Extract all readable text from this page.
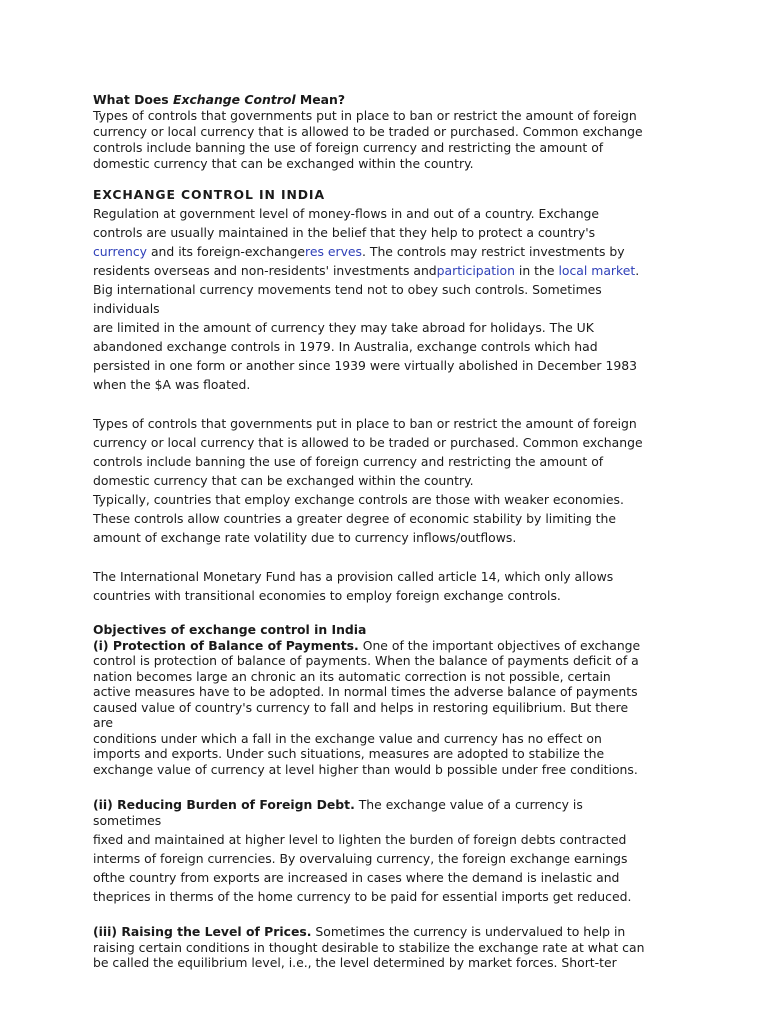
What Does Exchange Control Mean?
Types of controls that governments put in place to ban or restrict the amount of foreign
currency or local currency that is allowed to be traded or purchased. Common exchange
controls include banning the use of foreign currency and restricting the amount of
domestic currency that can be exchanged within the country.
EXCHANGE CONTROL IN INDIA
Regulation at government level of money-flows in and out of a country. Exchange
controls are usually maintained in the belief that they help to protect a country's
currency and its foreign-exchangeres erves. The controls may restrict investments by
residents overseas and non-residents' investments andparticipation in the local market.
Big international currency movements tend not to obey such controls. Sometimes
individuals
are limited in the amount of currency they may take abroad for holidays. The UK
abandoned exchange controls in 1979. In Australia, exchange controls which had
persisted in one form or another since 1939 were virtually abolished in December 1983
when the $A was floated.
Types of controls that governments put in place to ban or restrict the amount of foreign
currency or local currency that is allowed to be traded or purchased. Common exchange
controls include banning the use of foreign currency and restricting the amount of
domestic currency that can be exchanged within the country.
Typically, countries that employ exchange controls are those with weaker economies.
These controls allow countries a greater degree of economic stability by limiting the
amount of exchange rate volatility due to currency inflows/outflows.
The International Monetary Fund has a provision called article 14, which only allows
countries with transitional economies to employ foreign exchange controls.
Objectives of exchange control in India
(i) Protection of Balance of Payments. One of the important objectives of exchange
control is protection of balance of payments. When the balance of payments deficit of a
nation becomes large an chronic an its automatic correction is not possible, certain
active measures have to be adopted. In normal times the adverse balance of payments
caused value of country's currency to fall and helps in restoring equilibrium. But there
are
conditions under which a fall in the exchange value and currency has no effect on
imports and exports. Under such situations, measures are adopted to stabilize the
exchange value of currency at level higher than would b possible under free conditions.
(ii) Reducing Burden of Foreign Debt. The exchange value of a currency is
sometimes
fixed and maintained at higher level to lighten the burden of foreign debts contracted
interms of foreign currencies. By overvaluing currency, the foreign exchange earnings
ofthe country from exports are increased in cases where the demand is inelastic and
theprices in therms of the home currency to be paid for essential imports get reduced.
(iii) Raising the Level of Prices. Sometimes the currency is undervalued to help in
raising certain conditions in thought desirable to stabilize the exchange rate at what can
be called the equilibrium level, i.e., the level determined by market forces. Short-ter
